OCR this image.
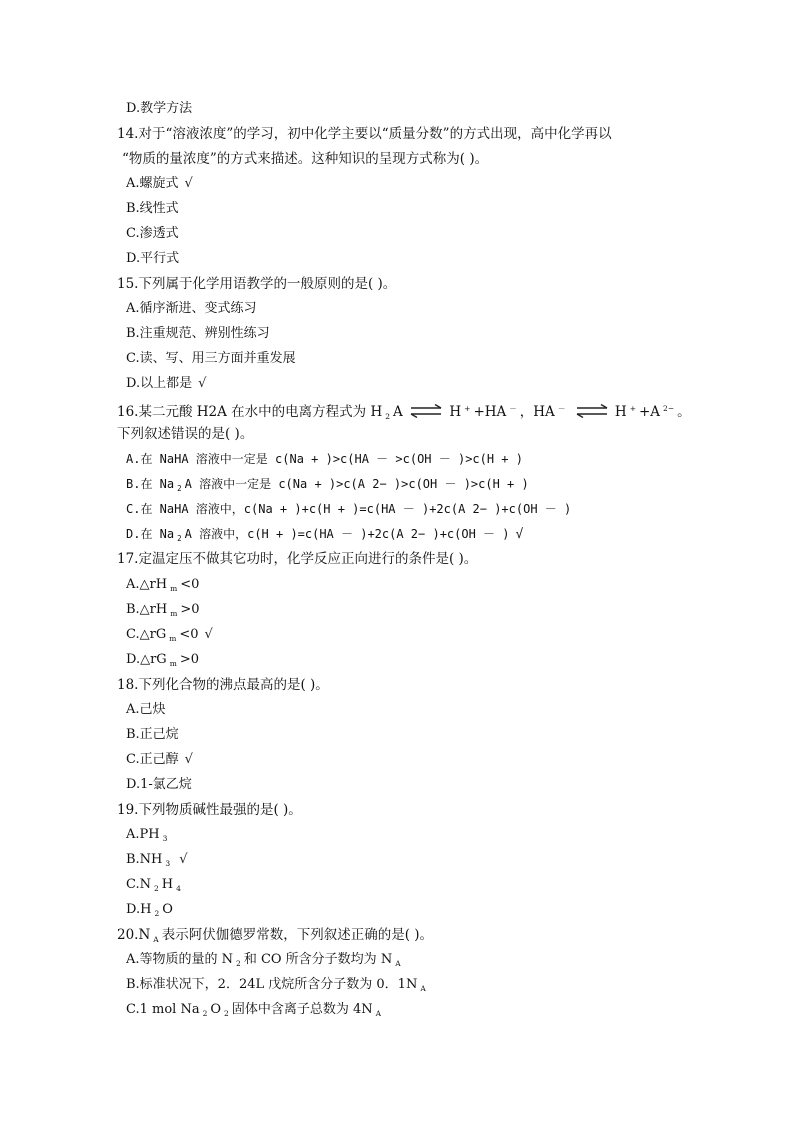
D.教学方法
14.对于“溶液浓度”的学习，初中化学主要以“质量分数”的方式出现，高中化学再以
“物质的量浓度”的方式来描述。这种知识的呈现方式称为( )。
A.螺旋式 √
B.线性式
C.渗透式
D.平行式
15.下列属于化学用语教学的一般原则的是( )。
A.循序渐进、变式练习
B.注重规范、辨别性练习
C.读、写、用三方面并重发展
D.以上都是 √
16.某二元酸 H2A 在水中的电离方程式为 H 2 A ⇌ H + +HA － ，HA － ⇌ H + +A 2− 。
下列叙述错误的是( )。
A.在 NaHA 溶液中一定是 c(Na + )>c(HA － >c(OH － )>c(H + )
B.在 Na 2 A 溶液中一定是 c(Na + )>c(A 2− )>c(OH － )>c(H + )
C.在 NaHA 溶液中，c(Na + )+c(H + )=c(HA － )+2c(A 2− )+c(OH － )
D.在 Na 2 A 溶液中，c(H + )=c(HA － )+2c(A 2− )+c(OH － ) √
17.定温定压不做其它功时，化学反应正向进行的条件是( )。
A.△rH m <0
B.△rH m >0
C.△rG m <0 √
D.△rG m >0
18.下列化合物的沸点最高的是( )。
A.己炔
B.正己烷
C.正己醇 √
D.1-氯乙烷
19.下列物质碱性最强的是( )。
A.PH 3
B.NH 3 √
C.N 2 H 4
D.H 2 O
20.N A 表示阿伏伽德罗常数，下列叙述正确的是( )。
A.等物质的量的 N 2 和 CO 所含分子数均为 N A
B.标准状况下，2．24L 戊烷所含分子数为 0．1N A
C.1 mol Na 2 O 2 固体中含离子总数为 4N A
